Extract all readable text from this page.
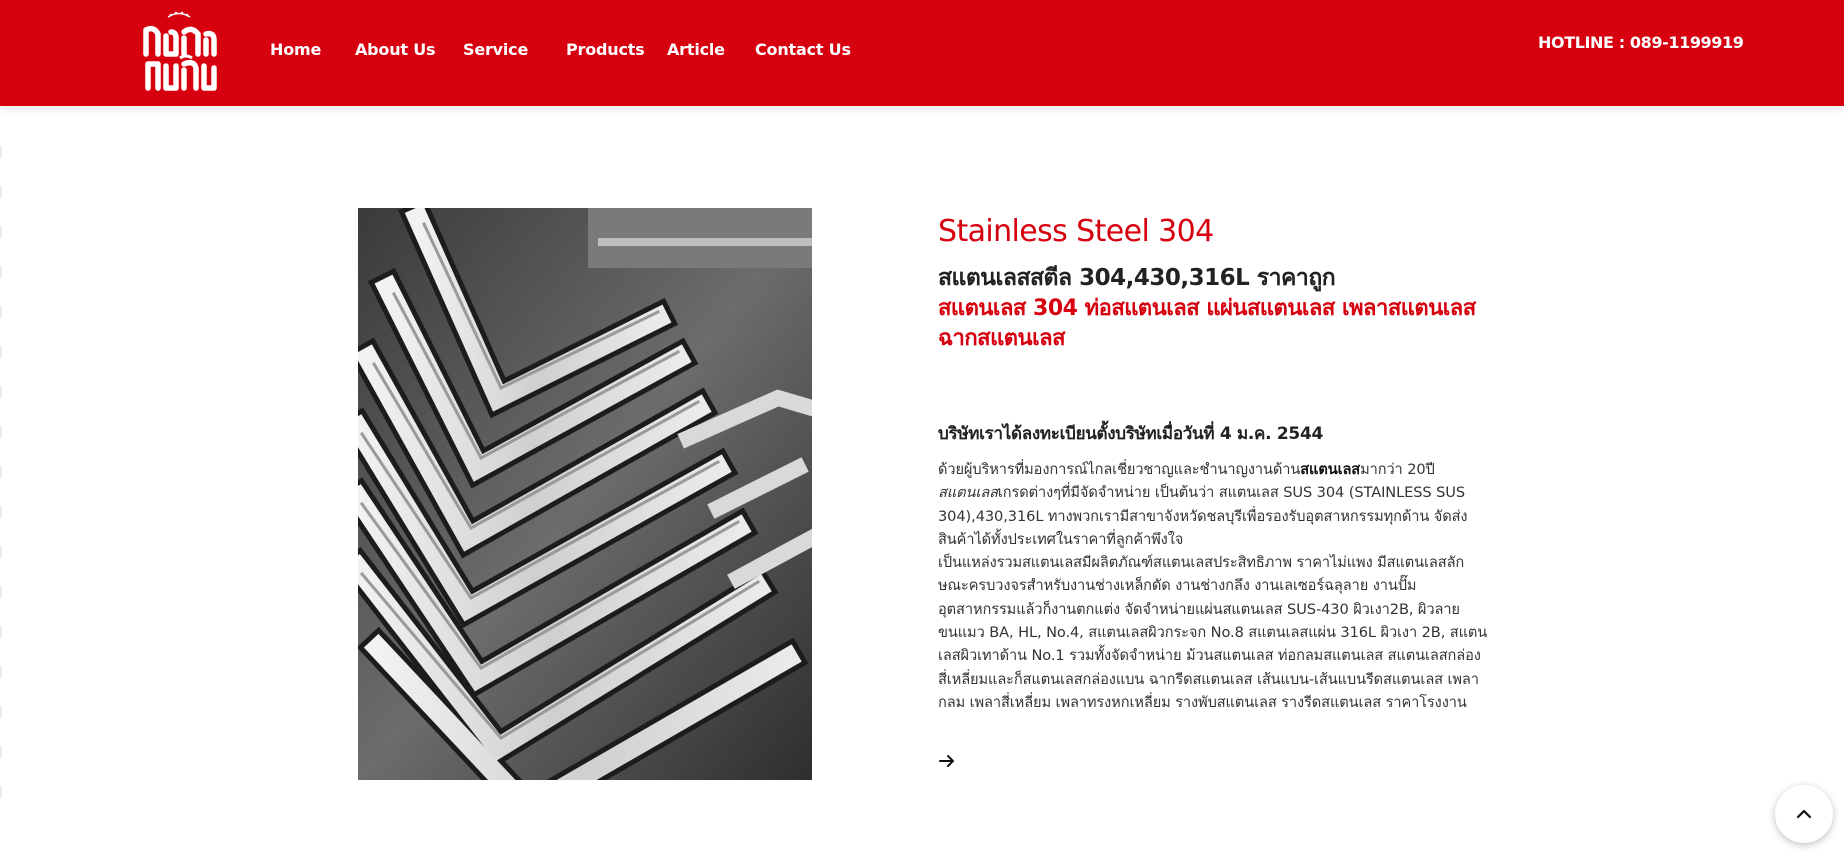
Home About Us Service Products Article Contact Us	HOTLINE : 089-1199919
Stainless Steel 304
สแตนเลสสตีล 304,430,316L ราคาถูก
สแตนเลส 304 ท่อสแตนเลส แผ่นสแตนเลส เพลาสแตนเลส ฉากสแตนเลส
บริษัทเราได้ลงทะเบียนตั้งบริษัทเมื่อวันที่ 4 ม.ค. 2544

ด้วยผู้บริหารที่มองการณ์ไกลเชี่ยวชาญและชำนาญงานด้านสแตนเลสมากว่า 20ปี

สแตนเลสเกรดต่างๆที่มีจัดจำหน่าย เป็นต้นว่า สแตนเลส SUS 304 (STAINLESS SUS 304),430,316L ทางพวกเรามีสาขาจังหวัดชลบุรีเพื่อรองรับอุตสาหกรรมทุกด้าน จัดส่งสินค้าได้ทั้งประเทศในราคาที่ลูกค้าพึงใจ

เป็นแหล่งรวมสแตนเลสมีผลิตภัณฑ์สแตนเลสประสิทธิภาพ ราคาไม่แพง มีสแตนเลสลักษณะครบวงจรสำหรับงานช่างเหล็กดัด งานช่างกลึง งานเลเซอร์ฉลุลาย งานปั๊มอุตสาหกรรมแล้วก็งานตกแต่ง จัดจำหน่ายแผ่นสแตนเลส SUS-430 ผิวเงา2B, ผิวลายขนแมว BA, HL, No.4, สแตนเลสผิวกระจก No.8 สแตนเลสแผ่น 316L ผิวเงา 2B, สแตนเลสผิวเทาด้าน No.1 รวมทั้งจัดจำหน่าย ม้วนสแตนเลส ท่อกลมสแตนเลส สแตนเลสกล่องสี่เหลี่ยมและก็สแตนเลสกล่องแบน ฉากรีดสแตนเลส เส้นแบน-เส้นแบนรีดสแตนเลส เพลากลม เพลาสี่เหลี่ยม เพลาทรงหกเหลี่ยม รางพับสแตนเลส รางรีดสแตนเลส ราคาโรงงาน
